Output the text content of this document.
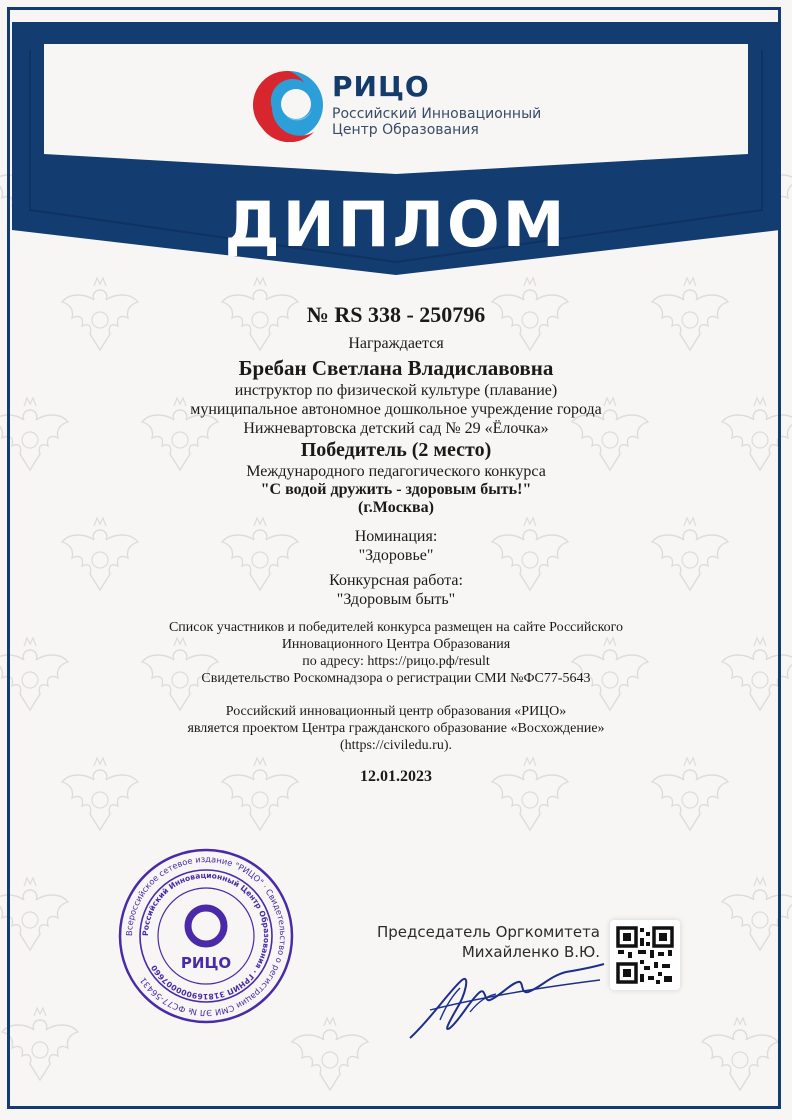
РИЦО
Российский Инновационный
Центр Образования
ДИПЛОМ
№ RS 338 - 250796
Награждается
Бребан Светлана Владиславовна
инструктор по физической культуре (плавание)
муниципальное автономное дошкольное учреждение города
Нижневартовска детский сад № 29 «Ёлочка»
Победитель (2 место)
Международного педагогического конкурса
"С водой дружить - здоровым быть!"
(г.Москва)
Номинация:
"Здоровье"
Конкурсная работа:
"Здоровым быть"
Список участников и победителей конкурса размещен на сайте Российского
Инновационного Центра Образования
по адресу: https://рицо.рф/result
Свидетельство Роскомнадзора о регистрации СМИ №ФС77-5643
Российский инновационный центр образования «РИЦО»
является проектом Центра гражданского образование «Восхождение»
(https://civiledu.ru).
12.01.2023
Всероссийское сетевое издание "РИЦО" · Свидетельство о регистрации СМИ ЭЛ № ФС77-56431
Российский Инновационный Центр Образования · ГРНИП 318169000007660	РИЦО
Председатель Оргкомитета
Михайленко В.Ю.
